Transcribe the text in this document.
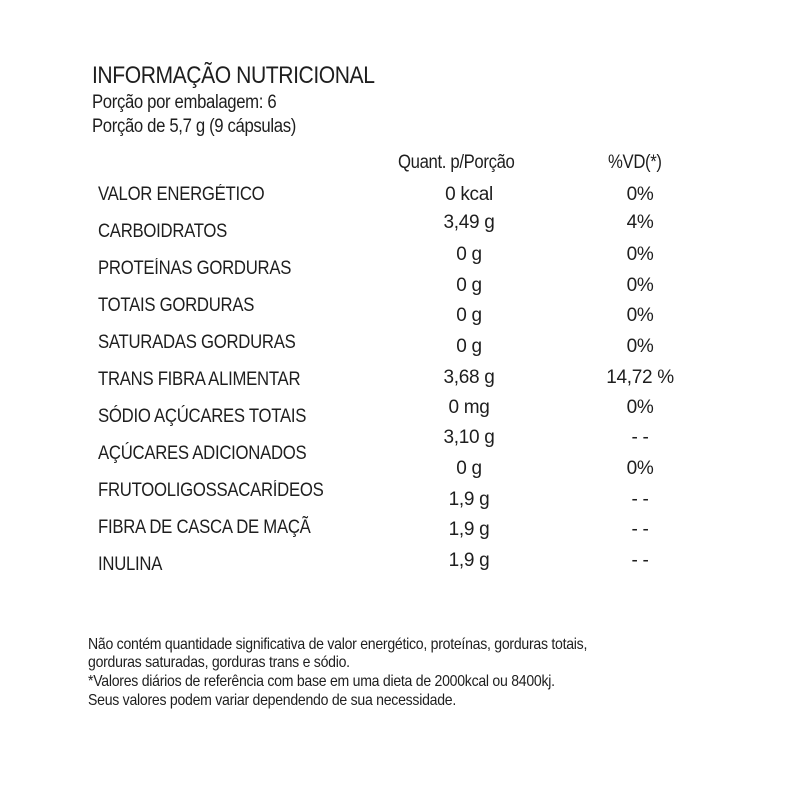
INFORMAÇÃO NUTRICIONAL
Porção por embalagem: 6
Porção de 5,7 g (9 cápsulas)
Quant. p/Porção	%VD(*)
VALOR ENERGÉTICO
CARBOIDRATOS
PROTEÍNAS GORDURAS
TOTAIS GORDURAS
SATURADAS GORDURAS
TRANS FIBRA ALIMENTAR
SÓDIO AÇÚCARES TOTAIS
AÇÚCARES ADICIONADOS
FRUTOOLIGOSSACARÍDEOS
FIBRA DE CASCA DE MAÇÃ
INULINA
0 kcal
3,49 g
0 g
0 g
0 g
0 g
3,68 g
0 mg
3,10 g
0 g
1,9 g
1,9 g
1,9 g
0%
4%
0%
0%
0%
0%
14,72 %
0%
- -
0%
- -
- -
- -
Não contém quantidade significativa de valor energético, proteínas, gorduras totais,
gorduras saturadas, gorduras trans e sódio.
*Valores diários de referência com base em uma dieta de 2000kcal ou 8400kj.
Seus valores podem variar dependendo de sua necessidade.
